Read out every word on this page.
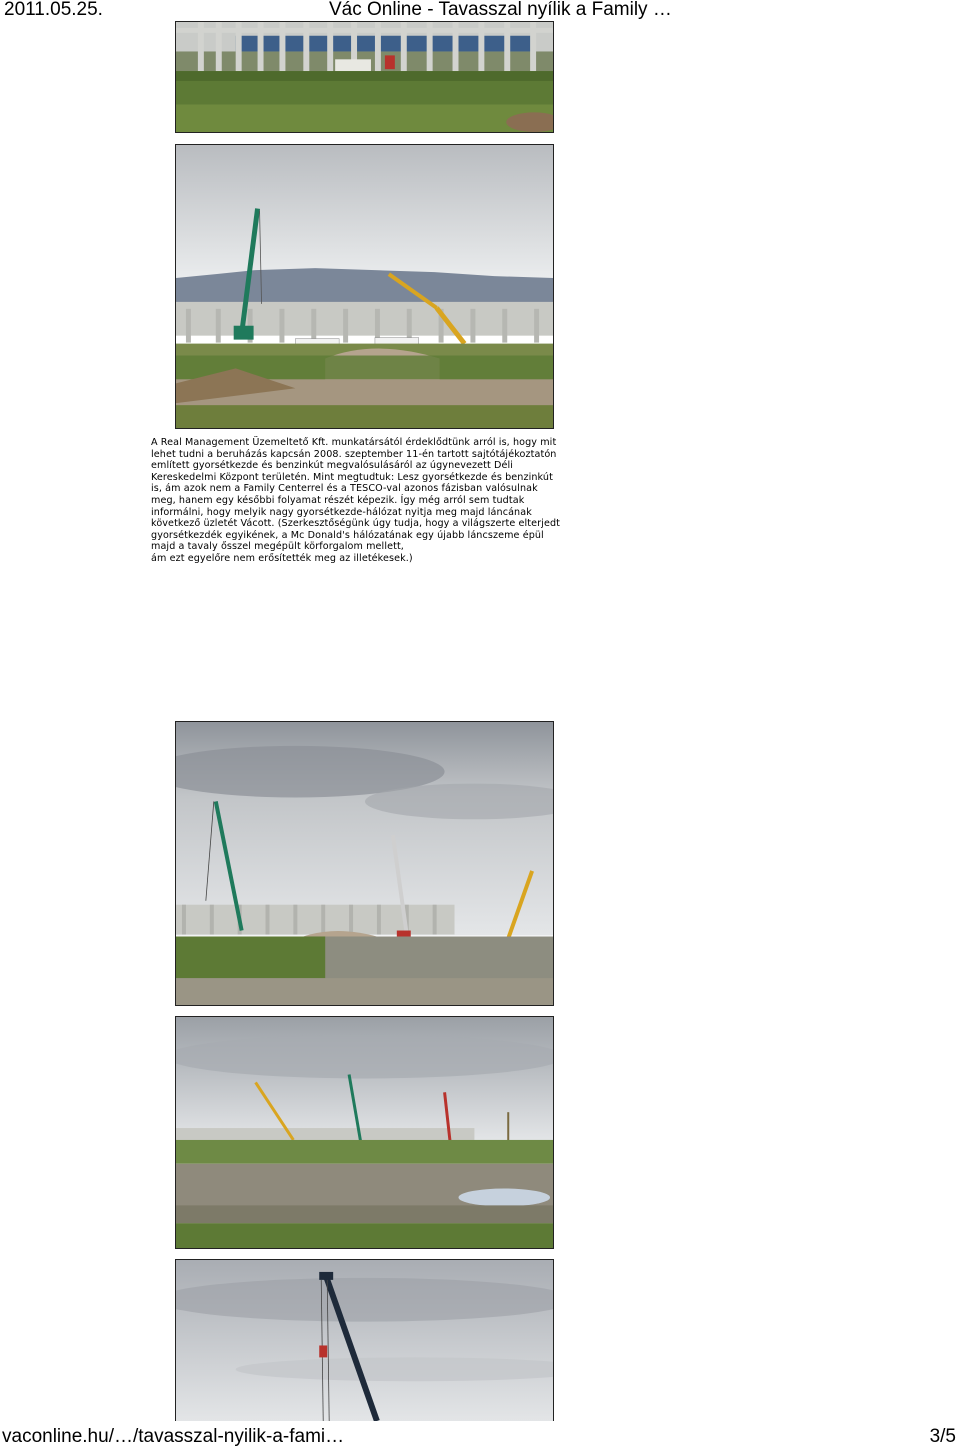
2011.05.25.	Vác Online - Tavasszal nyílik a Family …
A Real Management Üzemeltető Kft. munkatársától érdeklődtünk arról is, hogy mit
lehet tudni a beruházás kapcsán 2008. szeptember 11-én tartott sajtótájékoztatón
említett gyorsétkezde és benzinkút megvalósulásáról az úgynevezett Déli
Kereskedelmi Központ területén. Mint megtudtuk: Lesz gyorsétkezde és benzinkút
is, ám azok nem a Family Centerrel és a TESCO-val azonos fázisban valósulnak
meg, hanem egy későbbi folyamat részét képezik. Így még arról sem tudtak
informálni, hogy melyik nagy gyorsétkezde-hálózat nyitja meg majd láncának
következő üzletét Vácott. (Szerkesztőségünk úgy tudja, hogy a világszerte elterjedt
gyorsétkezdék egyikének, a Mc Donald's hálózatának egy újabb láncszeme épül
majd a tavaly ősszel megépült körforgalom mellett,
ám ezt egyelőre nem erősítették meg az illetékesek.)
vaconline.hu/…/tavasszal-nyilik-a-fami…	3/5
